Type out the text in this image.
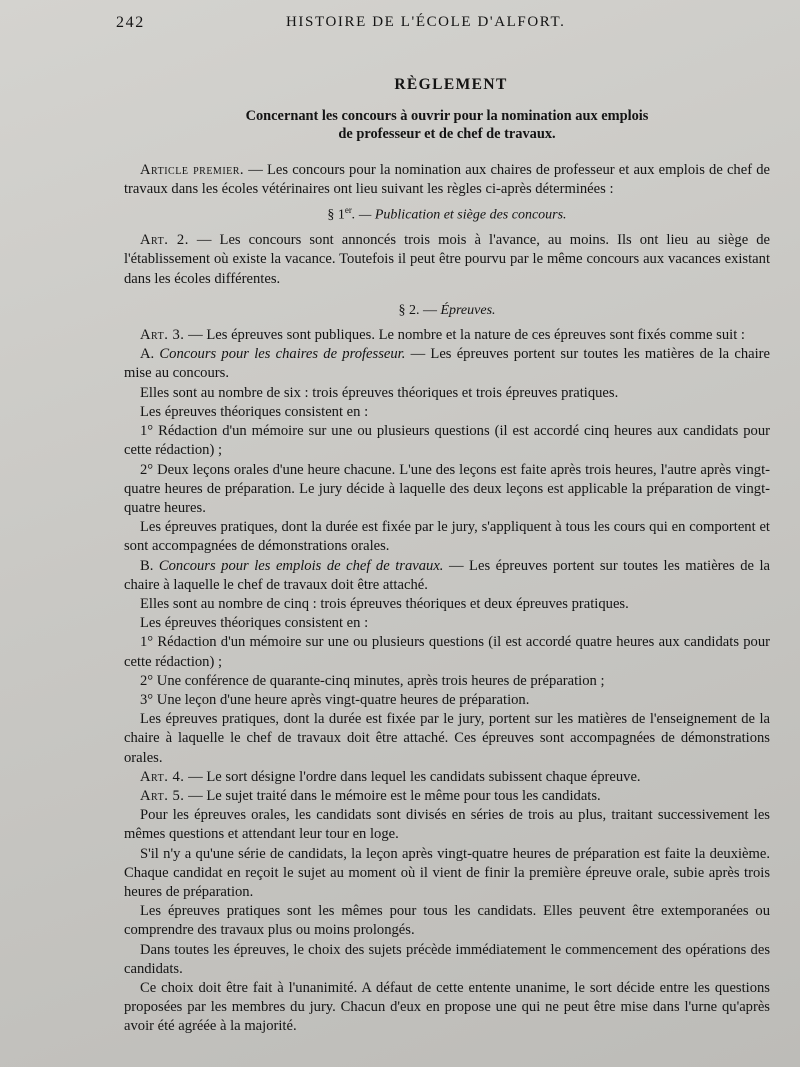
242	HISTOIRE DE L'ÉCOLE D'ALFORT.
RÈGLEMENT
Concernant les concours à ouvrir pour la nomination aux emplois
de professeur et de chef de travaux.

Article premier. — Les concours pour la nomination aux chaires de professeur et aux emplois de chef de travaux dans les écoles vétérinaires ont lieu suivant les règles ci-après déterminées :

§ 1er. — Publication et siège des concours.

Art. 2. — Les concours sont annoncés trois mois à l'avance, au moins. Ils ont lieu au siège de l'établissement où existe la vacance. Toutefois il peut être pourvu par le même concours aux vacances existant dans les écoles différentes.

§ 2. — Épreuves.

Art. 3. — Les épreuves sont publiques. Le nombre et la nature de ces épreuves sont fixés comme suit :

A. Concours pour les chaires de professeur. — Les épreuves portent sur toutes les matières de la chaire mise au concours.

Elles sont au nombre de six : trois épreuves théoriques et trois épreuves pratiques.

Les épreuves théoriques consistent en :

1° Rédaction d'un mémoire sur une ou plusieurs questions (il est accordé cinq heures aux candidats pour cette rédaction) ;

2° Deux leçons orales d'une heure chacune. L'une des leçons est faite après trois heures, l'autre après vingt-quatre heures de préparation. Le jury décide à laquelle des deux leçons est applicable la préparation de vingt-quatre heures.

Les épreuves pratiques, dont la durée est fixée par le jury, s'appliquent à tous les cours qui en comportent et sont accompagnées de démonstrations orales.

B. Concours pour les emplois de chef de travaux. — Les épreuves portent sur toutes les matières de la chaire à laquelle le chef de travaux doit être attaché.

Elles sont au nombre de cinq : trois épreuves théoriques et deux épreuves pratiques.

Les épreuves théoriques consistent en :

1° Rédaction d'un mémoire sur une ou plusieurs questions (il est accordé quatre heures aux candidats pour cette rédaction) ;

2° Une conférence de quarante-cinq minutes, après trois heures de préparation ;

3° Une leçon d'une heure après vingt-quatre heures de préparation.

Les épreuves pratiques, dont la durée est fixée par le jury, portent sur les matières de l'enseignement de la chaire à laquelle le chef de travaux doit être attaché. Ces épreuves sont accompagnées de démonstrations orales.

Art. 4. — Le sort désigne l'ordre dans lequel les candidats subissent chaque épreuve.

Art. 5. — Le sujet traité dans le mémoire est le même pour tous les candidats.

Pour les épreuves orales, les candidats sont divisés en séries de trois au plus, traitant successivement les mêmes questions et attendant leur tour en loge.

S'il n'y a qu'une série de candidats, la leçon après vingt-quatre heures de préparation est faite la deuxième. Chaque candidat en reçoit le sujet au moment où il vient de finir la première épreuve orale, subie après trois heures de préparation.

Les épreuves pratiques sont les mêmes pour tous les candidats. Elles peuvent être extemporanées ou comprendre des travaux plus ou moins prolongés.

Dans toutes les épreuves, le choix des sujets précède immédiatement le commencement des opérations des candidats.

Ce choix doit être fait à l'unanimité. A défaut de cette entente unanime, le sort décide entre les questions proposées par les membres du jury. Chacun d'eux en propose une qui ne peut être mise dans l'urne qu'après avoir été agréée à la majorité.
